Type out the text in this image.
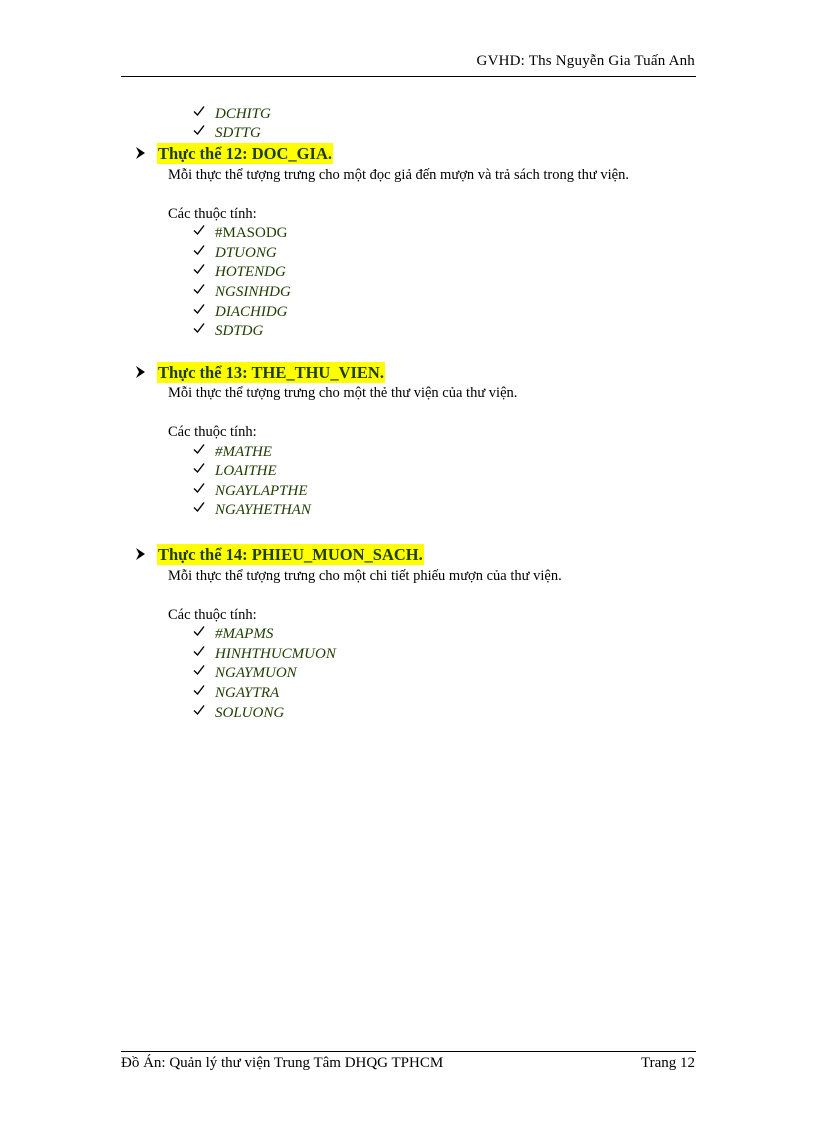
GVHD: Ths Nguyễn Gia Tuấn Anh
DCHITG
SDTTG
Thực thể 12: DOC_GIA.
Mỗi thực thể tượng trưng cho một đọc giả đến mượn và trả sách trong thư viện.
Các thuộc tính:
#MASODG
DTUONG
HOTENDG
NGSINHDG
DIACHIDG
SDTDG
Thực thể 13: THE_THU_VIEN.
Mỗi thực thể tượng trưng cho một thẻ thư viện của thư viện.
Các thuộc tính:
#MATHE
LOAITHE
NGAYLAPTHE
NGAYHETHAN
Thực thể 14: PHIEU_MUON_SACH.
Mỗi thực thể tượng trưng cho một chi tiết phiếu mượn của thư viện.
Các thuộc tính:
#MAPMS
HINHTHUCMUON
NGAYMUON
NGAYTRA
SOLUONG
Đồ Án: Quản lý thư viện Trung Tâm DHQG TPHCM	Trang 12
